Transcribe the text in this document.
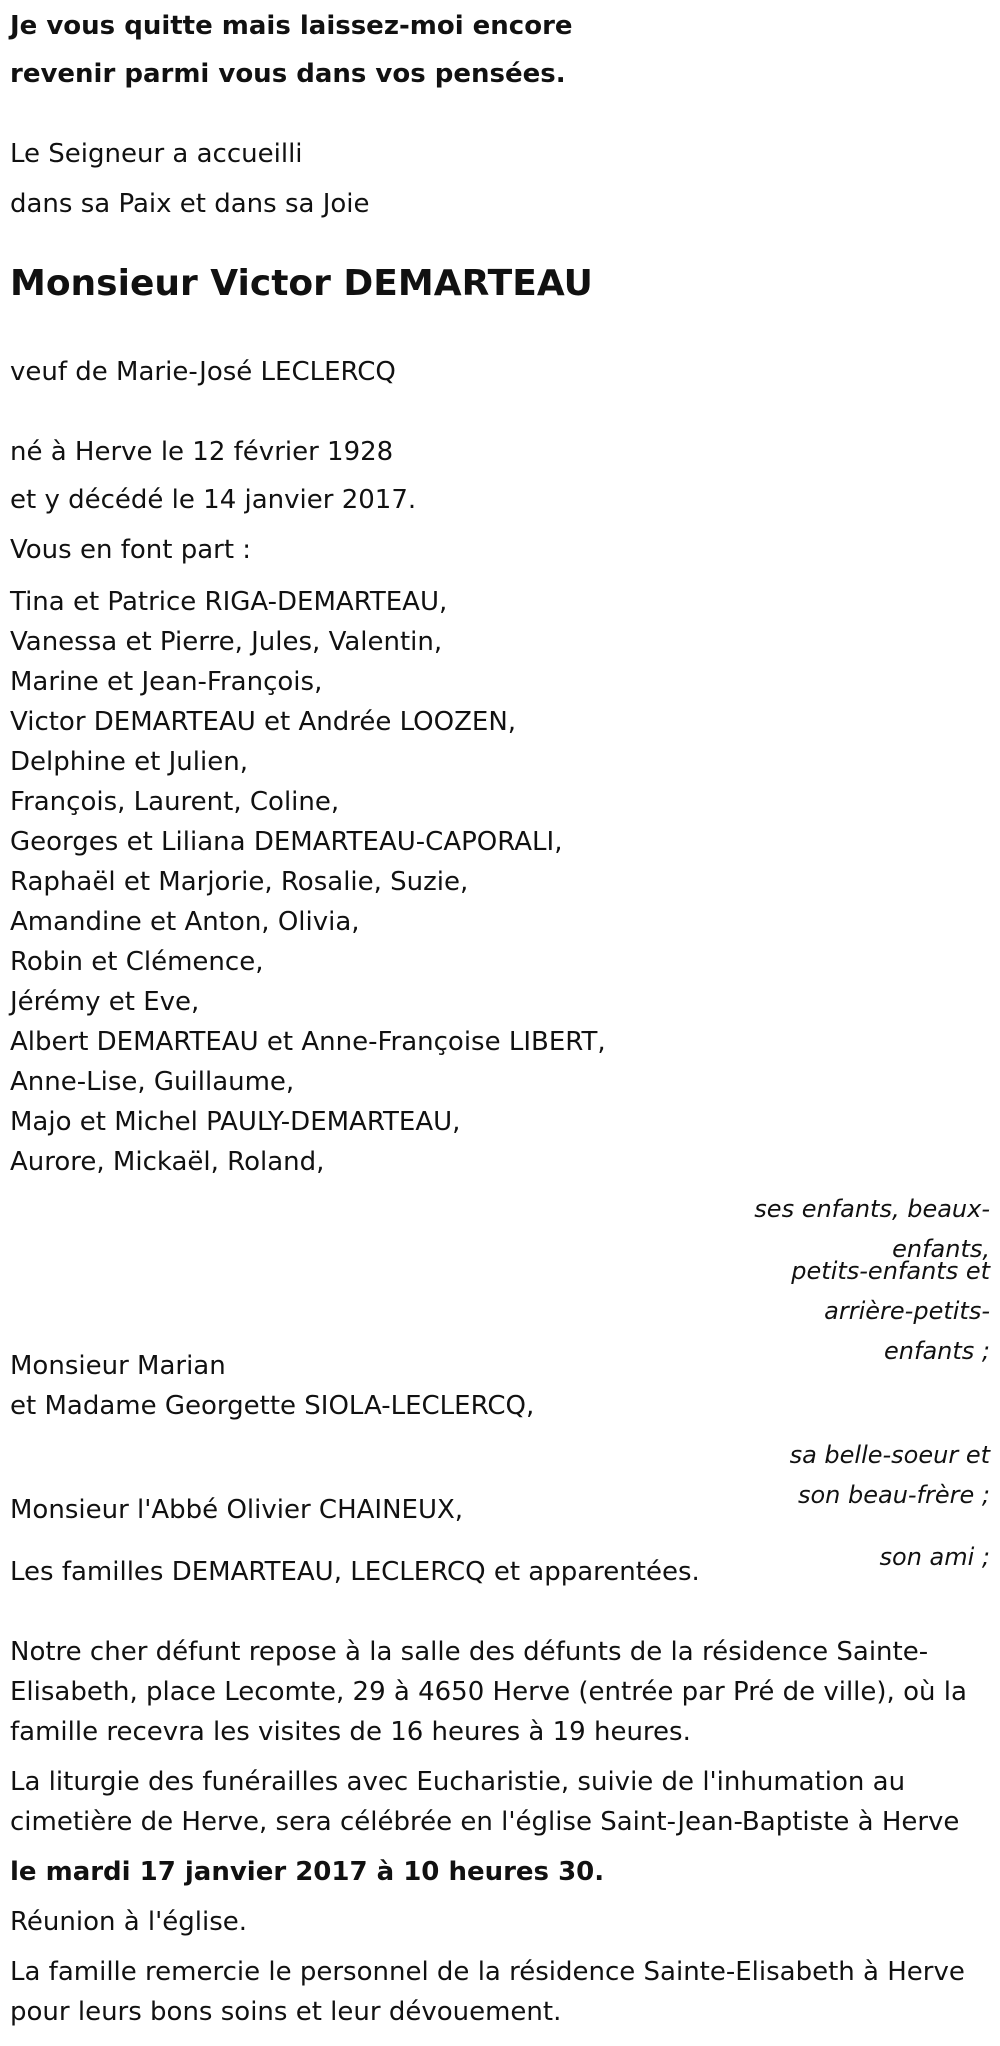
Je vous quitte mais laissez-moi encore

revenir parmi vous dans vos pensées.

Le Seigneur a accueilli

dans sa Paix et dans sa Joie

Monsieur Victor DEMARTEAU

veuf de Marie-José LECLERCQ

né à Herve le 12 février 1928

et y décédé le 14 janvier 2017.

Vous en font part :

Tina et Patrice RIGA-DEMARTEAU,

Vanessa et Pierre, Jules, Valentin,

Marine et Jean-François,

Victor DEMARTEAU et Andrée LOOZEN,

Delphine et Julien,

François, Laurent, Coline,

Georges et Liliana DEMARTEAU-CAPORALI,

Raphaël et Marjorie, Rosalie, Suzie,

Amandine et Anton, Olivia,

Robin et Clémence,

Jérémy et Eve,

Albert DEMARTEAU et Anne-Françoise LIBERT,

Anne-Lise, Guillaume,

Majo et Michel PAULY-DEMARTEAU,

Aurore, Mickaël, Roland,

ses enfants, beaux-

enfants,

petits-enfants et

arrière-petits-

enfants ;

Monsieur Marian

et Madame Georgette SIOLA-LECLERCQ,

sa belle-soeur et

son beau-frère ;

Monsieur l'Abbé Olivier CHAINEUX,

son ami ;

Les familles DEMARTEAU, LECLERCQ et apparentées.

Notre cher défunt repose à la salle des défunts de la résidence Sainte-

Elisabeth, place Lecomte, 29 à 4650 Herve (entrée par Pré de ville), où la

famille recevra les visites de 16 heures à 19 heures.

La liturgie des funérailles avec Eucharistie, suivie de l'inhumation au

cimetière de Herve, sera célébrée en l'église Saint-Jean-Baptiste à Herve

le mardi 17 janvier 2017 à 10 heures 30.

Réunion à l'église.

La famille remercie le personnel de la résidence Sainte-Elisabeth à Herve

pour leurs bons soins et leur dévouement.
